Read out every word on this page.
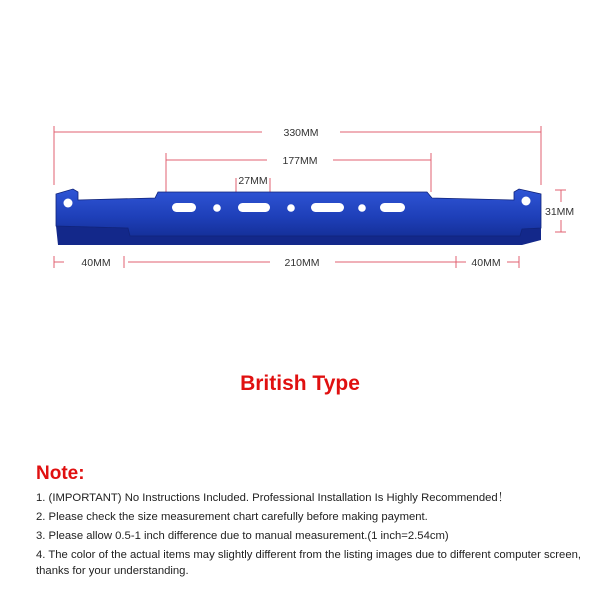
330MM
177MM
27MM
31MM
40MM	210MM	40MM
British Type
Note:

1. (IMPORTANT) No Instructions Included. Professional Installation Is Highly Recommended！

2. Please check the size measurement chart carefully before making payment.

3. Please allow 0.5-1 inch difference due to manual measurement.(1 inch=2.54cm)

4. The color of the actual items may slightly different from the listing images due to different computer screen, thanks for your understanding.
